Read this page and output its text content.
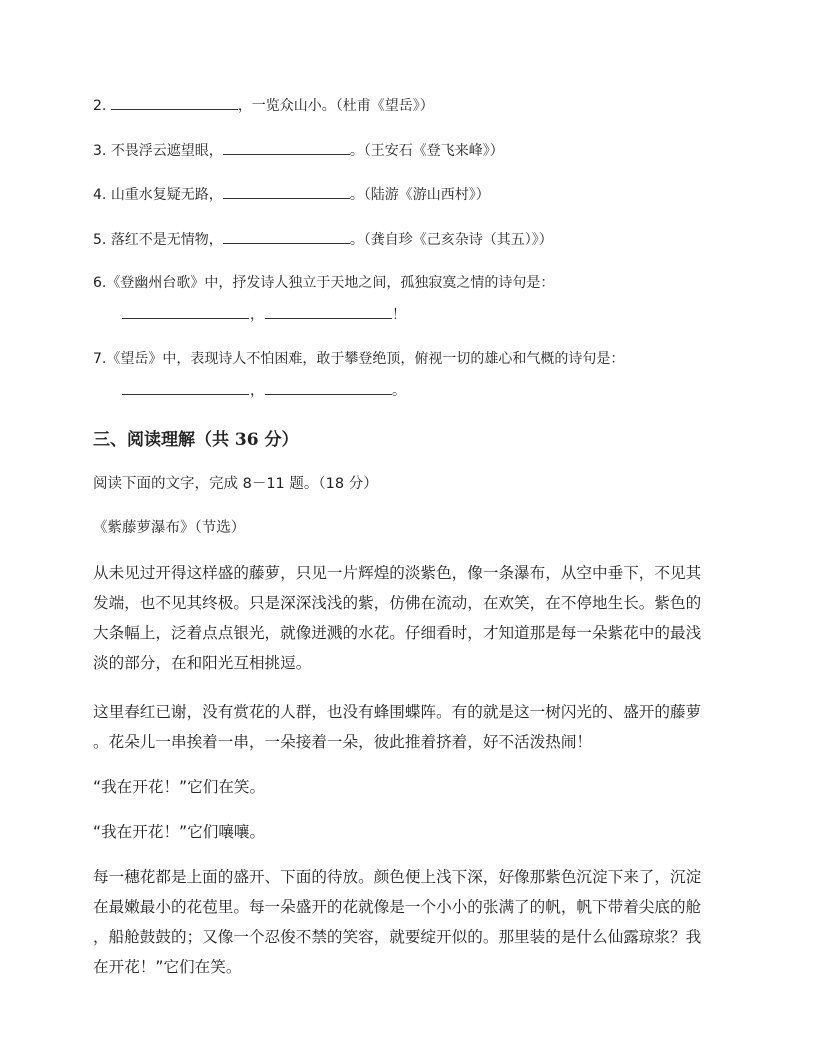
2.	，一览众山小。（杜甫《望岳》）
3. 不畏浮云遮望眼，	。（王安石《登飞来峰》）
4. 山重水复疑无路，	。（陆游《游山西村》）
5. 落红不是无情物，	。（龚自珍《己亥杂诗（其五）》）
6.《登幽州台歌》中，抒发诗人独立于天地之间，孤独寂寞之情的诗句是：
，	！
7.《望岳》中，表现诗人不怕困难，敢于攀登绝顶，俯视一切的雄心和气概的诗句是：
，	。
三、阅读理解（共 36 分）
阅读下面的文字，完成 8－11 题。（18 分）
《紫藤萝瀑布》（节选）
从未见过开得这样盛的藤萝，只见一片辉煌的淡紫色，像一条瀑布，从空中垂下，不见其
发端，也不见其终极。只是深深浅浅的紫，仿佛在流动，在欢笑，在不停地生长。紫色的
大条幅上，泛着点点银光，就像迸溅的水花。仔细看时，才知道那是每一朵紫花中的最浅
淡的部分，在和阳光互相挑逗。
这里春红已谢，没有赏花的人群，也没有蜂围蝶阵。有的就是这一树闪光的、盛开的藤萝
。花朵儿一串挨着一串，一朵接着一朵，彼此推着挤着，好不活泼热闹！
“我在开花！”它们在笑。
“我在开花！”它们嚷嚷。
每一穗花都是上面的盛开、下面的待放。颜色便上浅下深，好像那紫色沉淀下来了，沉淀
在最嫩最小的花苞里。每一朵盛开的花就像是一个小小的张满了的帆，帆下带着尖底的舱
，船舱鼓鼓的；又像一个忍俊不禁的笑容，就要绽开似的。那里装的是什么仙露琼浆？我
在开花！”它们在笑。
